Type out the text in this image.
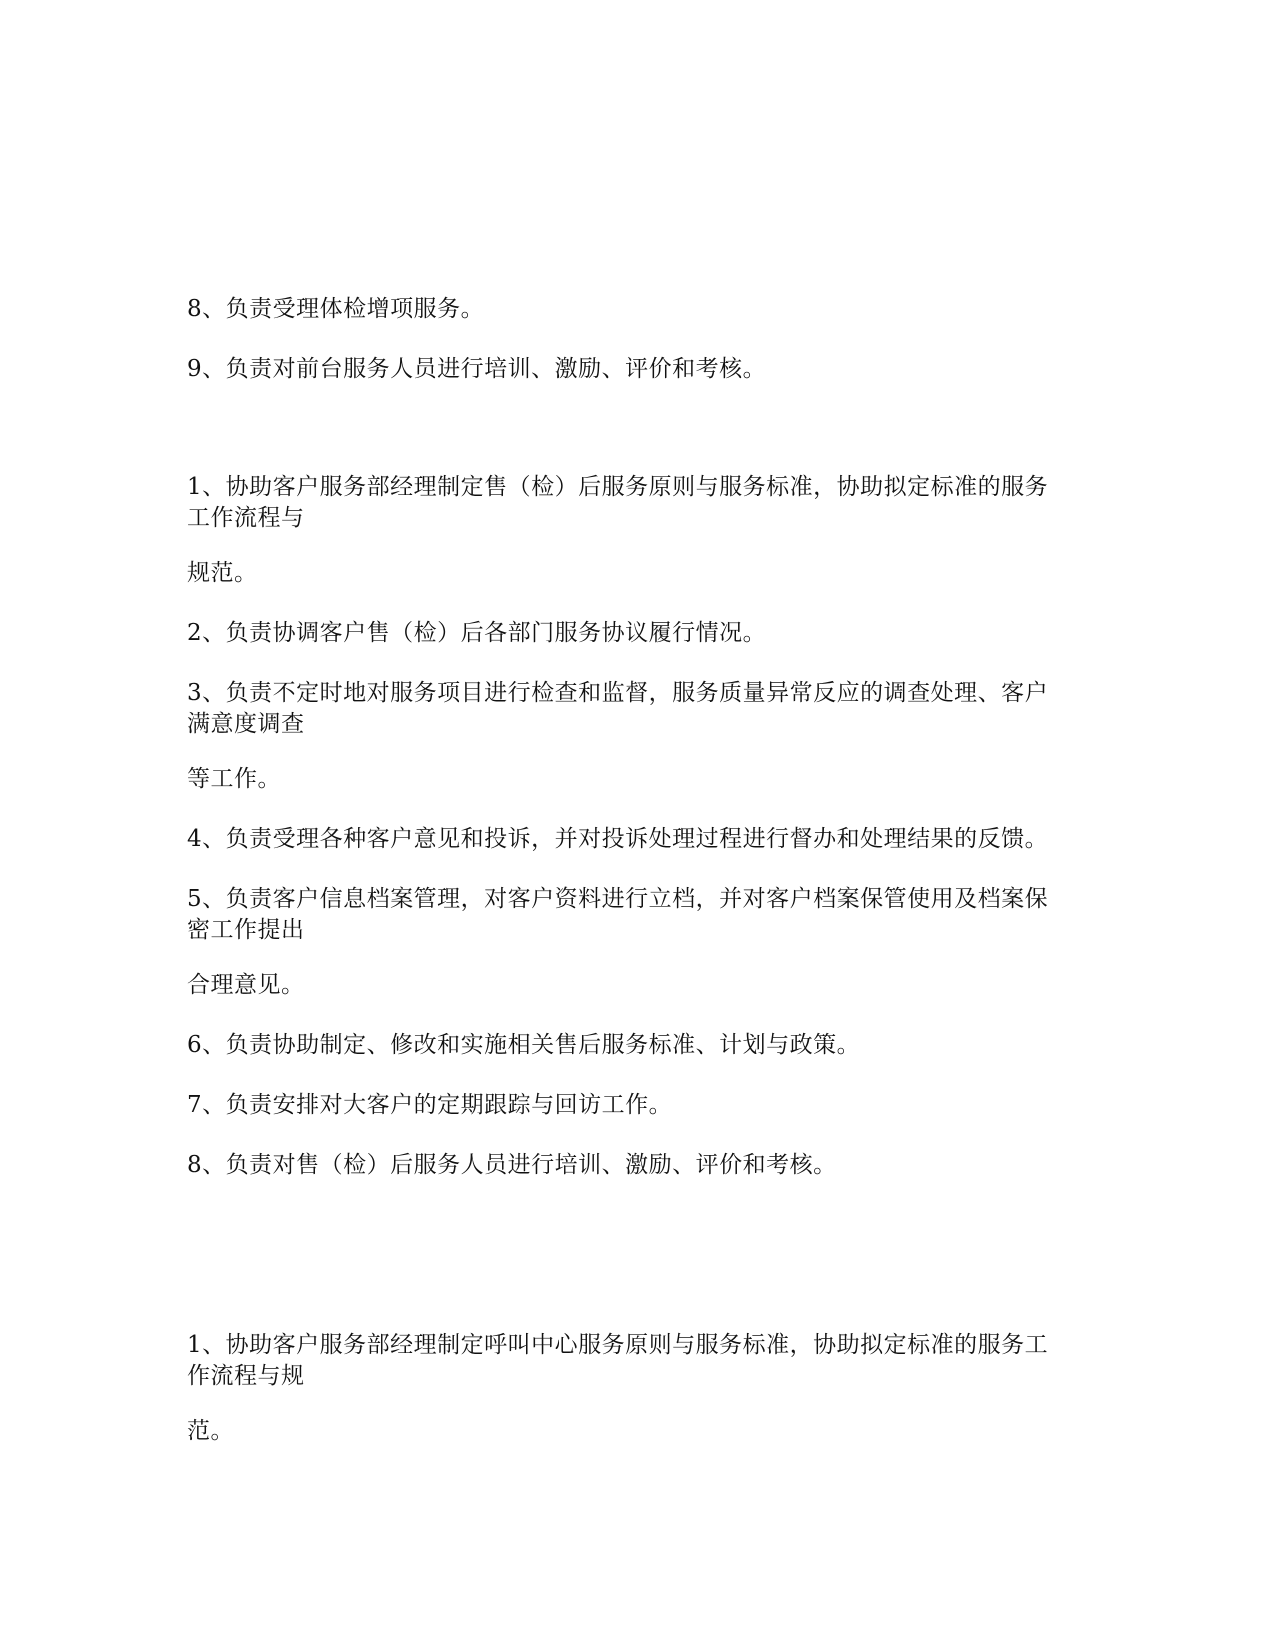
8、负责受理体检增项服务。
9、负责对前台服务人员进行培训、激励、评价和考核。
1、协助客户服务部经理制定售（检）后服务原则与服务标准，协助拟定标准的服务
工作流程与
规范。
2、负责协调客户售（检）后各部门服务协议履行情况。
3、负责不定时地对服务项目进行检查和监督，服务质量异常反应的调查处理、客户
满意度调查
等工作。
4、负责受理各种客户意见和投诉，并对投诉处理过程进行督办和处理结果的反馈。
5、负责客户信息档案管理，对客户资料进行立档，并对客户档案保管使用及档案保
密工作提出
合理意见。
6、负责协助制定、修改和实施相关售后服务标准、计划与政策。
7、负责安排对大客户的定期跟踪与回访工作。
8、负责对售（检）后服务人员进行培训、激励、评价和考核。
1、协助客户服务部经理制定呼叫中心服务原则与服务标准，协助拟定标准的服务工
作流程与规
范。
